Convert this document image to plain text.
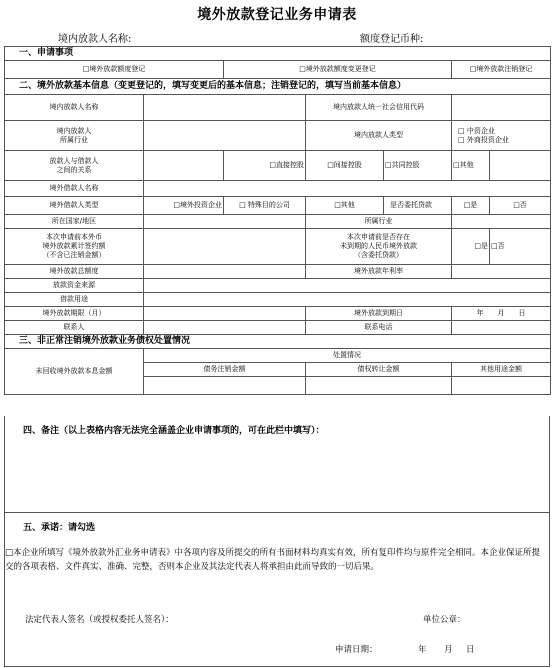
境外放款登记业务申请表
境内放款人名称:	额度登记币种:
一、申请事项						
□境外放款额度登记		□境外放款额度变更登记			□境外放款注销登记	
二、境外放款基本信息（变更登记的，填写变更后的基本信息；注销登记的，填写当前基本信息）						
境内放款人名称			境内放款人统一社会信用代码			
境内放款人
所属行业			境内放款人类型		□ 中资企业
□ 外商投资企业	
放款人与借款人
之间的关系		□直接控股	□间接控股	□共同控股	□其他	
境外借款人名称						
境外借款人类型	□境外投资企业	□ 特殊目的公司	□其他	是否委托贷款	□是	□否
所在国家/地区			所属行业			
本次申请前本外币
境外放款累计签约额
（不含已注销金额）			本次申请前是否存在
未到期的人民币境外放款
（含委托贷款）		□是	□否
境外放款总额度			境外放款年利率			
放款资金来源						
借款用途						
境外放款期限（月）			境外放款到期日		年　　月　　日	
联系人			联系电话			
三、非正常注销境外放款业务债权处置情况						
未回收境外放款本息金额	处置情况					
	债务注销金额		债权转让金额		其他用途金额	

四、备注（以上表格内容无法完全涵盖企业申请事项的，可在此栏中填写）：
五、承诺：请勾选
□本企业所填写《境外放款外汇业务申请表》中各项内容及所提交的所有书面材料均真实有效，所有复印件均与原件完全相同。本企业保证所提交的各项表格、文件真实、准确、完整，否则本企业及其法定代表人将承担由此而导致的一切后果。
法定代表人签名（或授权委托人签名）：	单位公章：
申请日期：	年 月 日
